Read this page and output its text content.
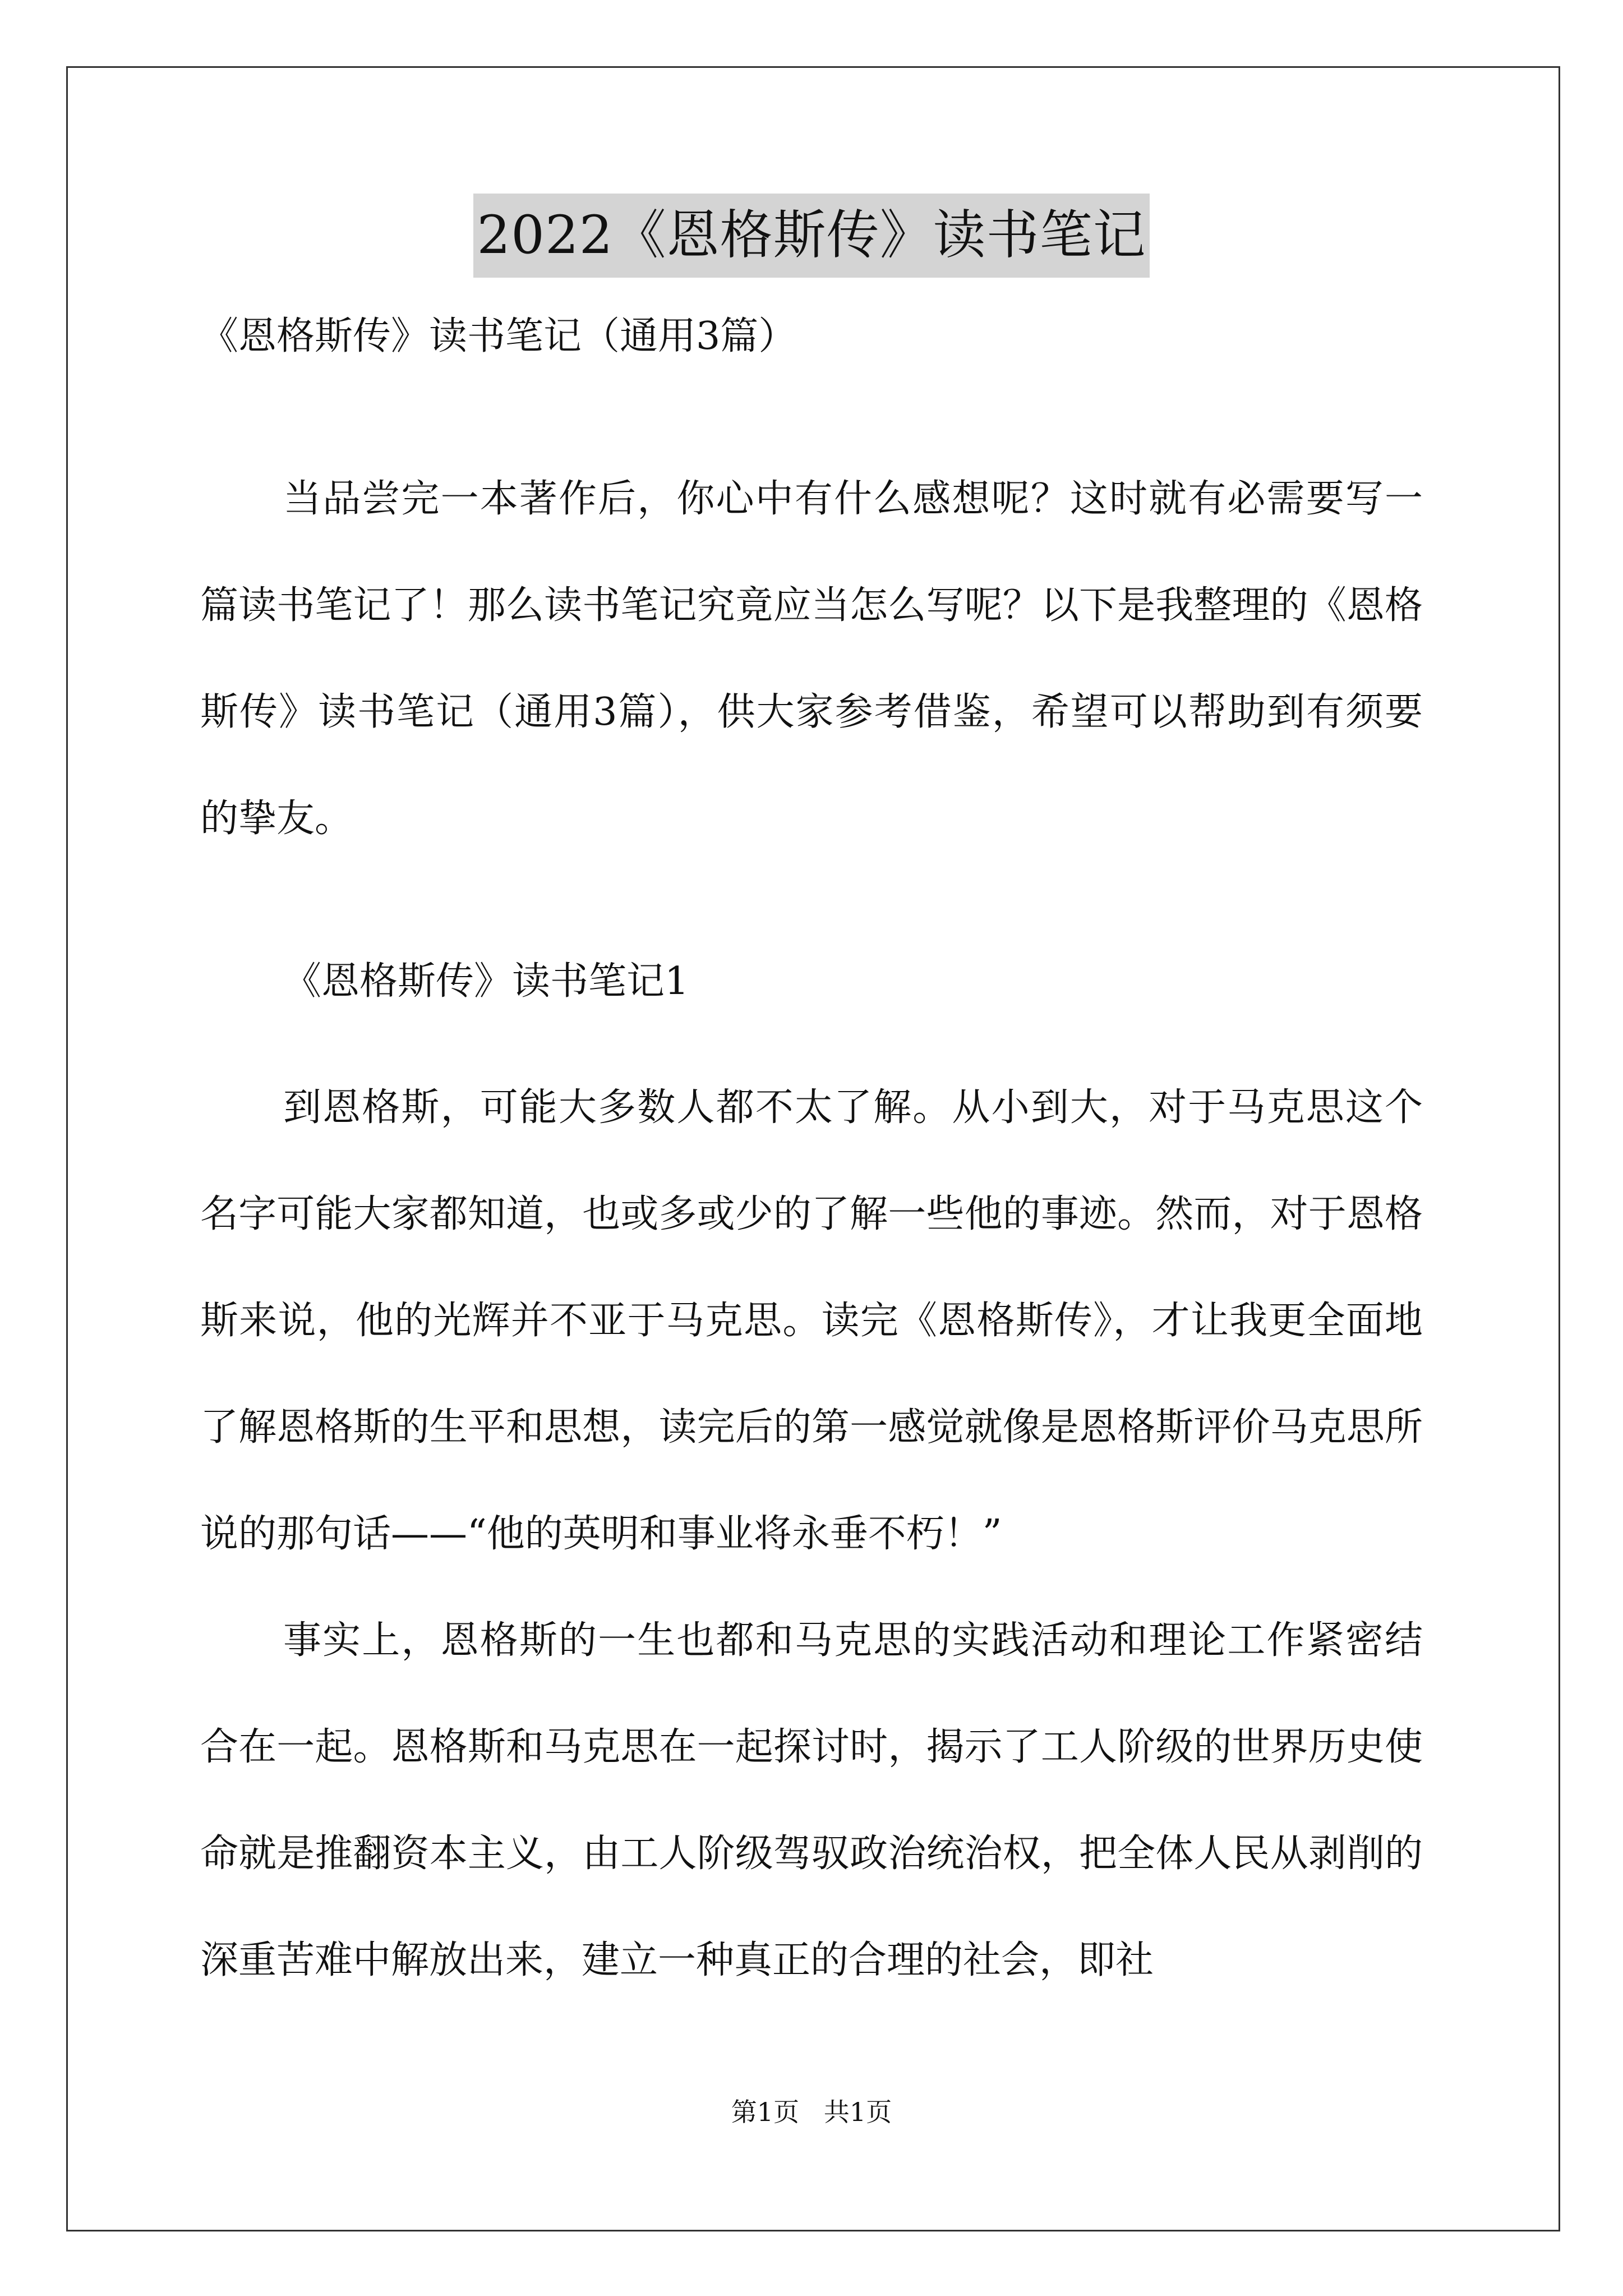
2022《恩格斯传》读书笔记
《恩格斯传》读书笔记（通用3篇）

当品尝完一本著作后，你心中有什么感想呢？这时就有必需要写一篇读书笔记了！那么读书笔记究竟应当怎么写呢？以下是我整理的《恩格斯传》读书笔记（通用3篇），供大家参考借鉴，希望可以帮助到有须要的挚友。

《恩格斯传》读书笔记1

到恩格斯，可能大多数人都不太了解。从小到大，对于马克思这个名字可能大家都知道，也或多或少的了解一些他的事迹。然而，对于恩格斯来说，他的光辉并不亚于马克思。读完《恩格斯传》，才让我更全面地了解恩格斯的生平和思想，读完后的第一感觉就像是恩格斯评价马克思所说的那句话——“他的英明和事业将永垂不朽！”

事实上，恩格斯的一生也都和马克思的实践活动和理论工作紧密结合在一起。恩格斯和马克思在一起探讨时，揭示了工人阶级的世界历史使命就是推翻资本主义，由工人阶级驾驭政治统治权，把全体人民从剥削的深重苦难中解放出来，建立一种真正的合理的社会，即社

第1页   共1页
